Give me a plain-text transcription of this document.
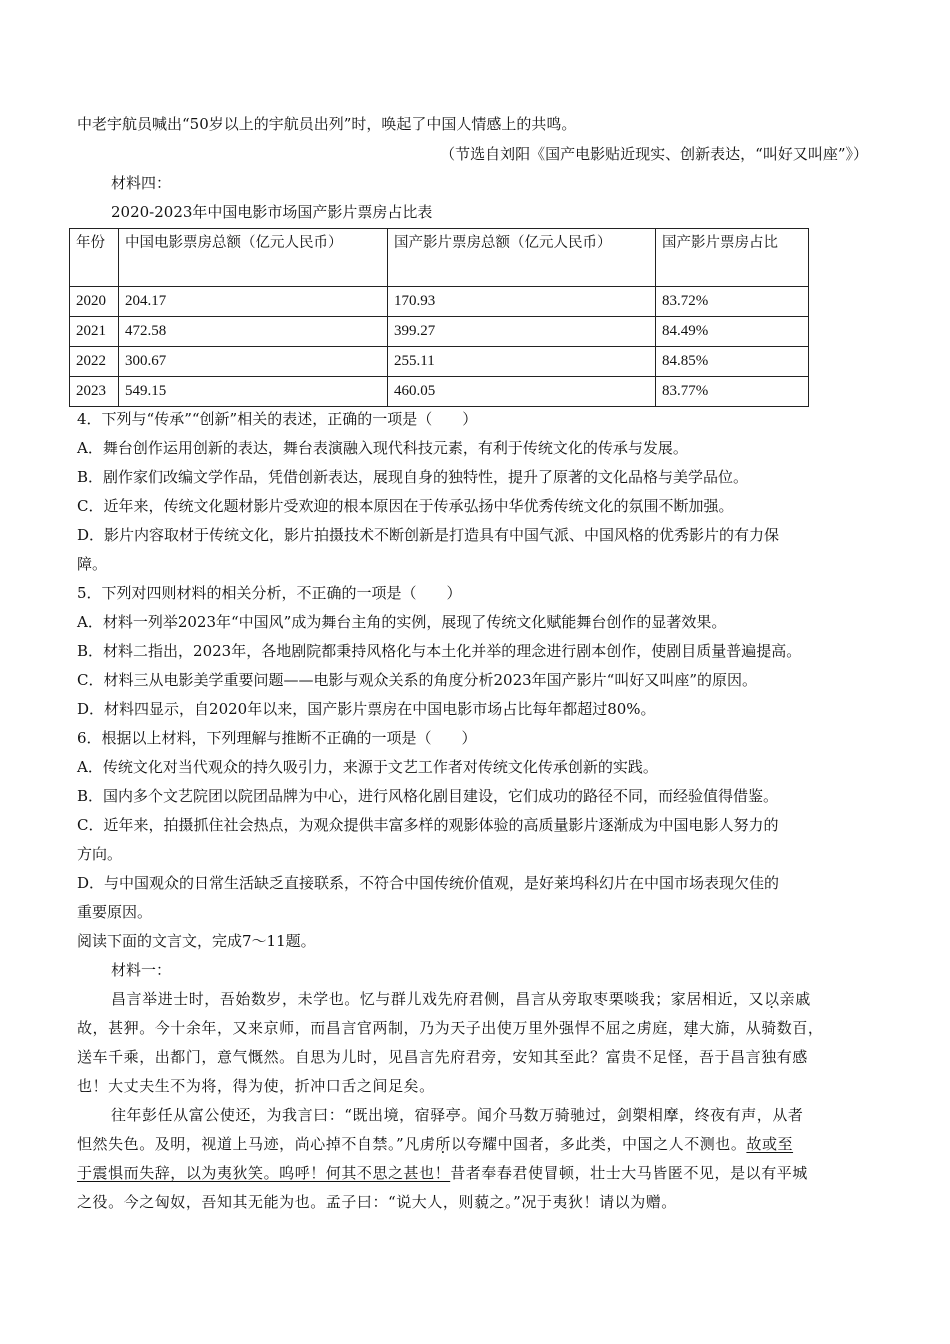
中老宇航员喊出“50岁以上的宇航员出列”时，唤起了中国人情感上的共鸣。
（节选自刘阳《国产电影贴近现实、创新表达，“叫好又叫座”》）
材料四：
2020-2023年中国电影市场国产影片票房占比表
年份	中国电影票房总额（亿元人民币）	国产影片票房总额（亿元人民币）	国产影片票房占比
2020	204.17	170.93	83.72%
2021	472.58	399.27	84.49%
2022	300.67	255.11	84.85%
2023	549.15	460.05	83.77%
4．下列与“传承”“创新”相关的表述，正确的一项是（　　）
A．舞台创作运用创新的表达，舞台表演融入现代科技元素，有利于传统文化的传承与发展。
B．剧作家们改编文学作品，凭借创新表达，展现自身的独特性，提升了原著的文化品格与美学品位。
C．近年来，传统文化题材影片受欢迎的根本原因在于传承弘扬中华优秀传统文化的氛围不断加强。
D．影片内容取材于传统文化，影片拍摄技术不断创新是打造具有中国气派、中国风格的优秀影片的有力保
障。
5．下列对四则材料的相关分析，不正确的一项是（　　）
A．材料一列举2023年“中国风”成为舞台主角的实例，展现了传统文化赋能舞台创作的显著效果。
B．材料二指出，2023年，各地剧院都秉持风格化与本土化并举的理念进行剧本创作，使剧目质量普遍提高。
C．材料三从电影美学重要问题——电影与观众关系的角度分析2023年国产影片“叫好又叫座”的原因。
D．材料四显示，自2020年以来，国产影片票房在中国电影市场占比每年都超过80%。
6．根据以上材料，下列理解与推断不正确的一项是（　　）
A．传统文化对当代观众的持久吸引力，来源于文艺工作者对传统文化传承创新的实践。
B．国内多个文艺院团以院团品牌为中心，进行风格化剧目建设，它们成功的路径不同，而经验值得借鉴。
C．近年来，拍摄抓住社会热点，为观众提供丰富多样的观影体验的高质量影片逐渐成为中国电影人努力的
方向。
D．与中国观众的日常生活缺乏直接联系，不符合中国传统价值观，是好莱坞科幻片在中国市场表现欠佳的
重要原因。
阅读下面的文言文，完成7～11题。
材料一：
昌言举进士时，吾始数岁，未学也。忆与群儿戏先府君侧，昌言从旁取枣栗啖我；家居相近，又以亲戚
故，甚狎。今十余年，又来京师，而昌言官两制，乃为天子出使万里外强悍不屈之虏庭，建大旆，从骑数百，
送车千乘，出都门，意气慨然。自思为儿时，见昌言先府君旁，安知其至此？富贵不足怪，吾于昌言独有感
也！大丈夫生不为将，得为使，折冲口舌之间足矣。
往年彭任从富公使还，为我言曰：“既出境，宿驿亭。闻介马数万骑驰过，剑槊相摩，终夜有声，从者
怛然失色。及明，视道上马迹，尚心掉不自禁。”凡虏所以夸耀中国者，多此类，中国之人不测也。故或至
于震惧而失辞，以为夷狄笑。呜呼！何其不思之甚也！昔者奉春君使冒顿，壮士大马皆匿不见，是以有平城
之役。今之匈奴，吾知其无能为也。孟子曰：“说大人，则藐之。”况于夷狄！请以为赠。
